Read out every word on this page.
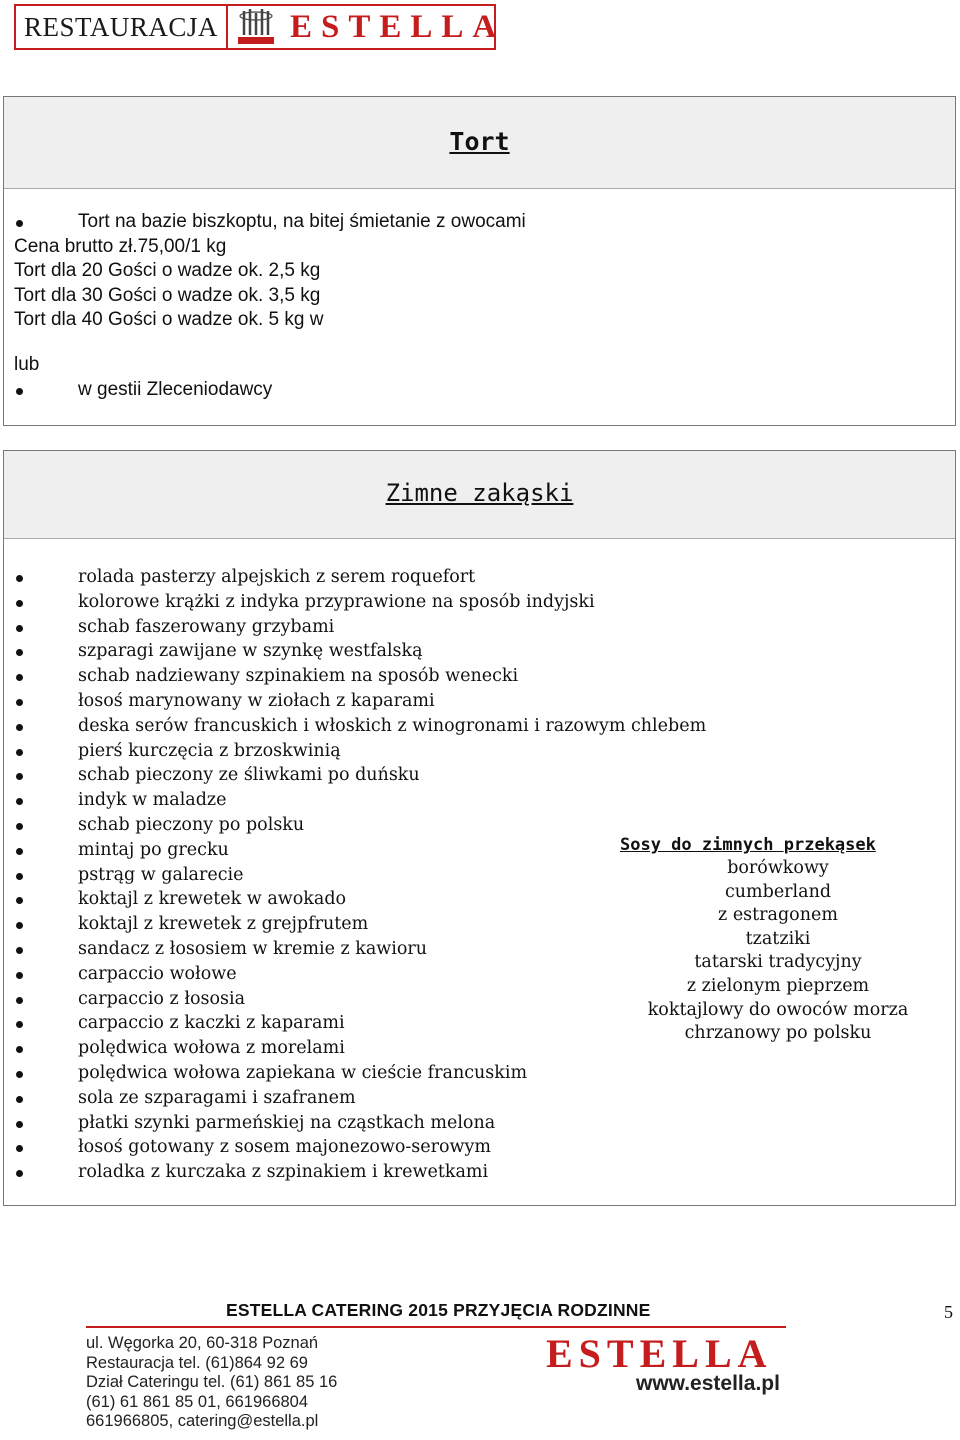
RESTAURACJA	ESTELLA
Tort
Tort na bazie biszkoptu, na bitej śmietanie z owocami
Cena brutto zł.75,00/1 kg
Tort dla 20 Gości o wadze ok. 2,5 kg
Tort dla 30 Gości o wadze ok. 3,5 kg
Tort dla 40 Gości o wadze ok. 5 kg w
lub
w gestii Zleceniodawcy
Zimne zakąski
rolada pasterzy alpejskich z serem roquefort
kolorowe krążki z indyka przyprawione na sposób indyjski
schab faszerowany grzybami
szparagi zawijane w szynkę westfalską
schab nadziewany szpinakiem na sposób wenecki
łosoś marynowany w ziołach z kaparami
deska serów francuskich i włoskich z winogronami i razowym chlebem
pierś kurczęcia z brzoskwinią
schab pieczony ze śliwkami po duńsku
indyk w maladze
schab pieczony po polsku
mintaj po grecku
pstrąg w galarecie
koktajl z krewetek w awokado
koktajl z krewetek z grejpfrutem
sandacz z łososiem w kremie z kawioru
carpaccio wołowe
carpaccio z łososia
carpaccio z kaczki z kaparami
polędwica wołowa z morelami
polędwica wołowa zapiekana w cieście francuskim
sola ze szparagami i szafranem
płatki szynki parmeńskiej na cząstkach melona
łosoś gotowany z sosem majonezowo-serowym
roladka z kurczaka z szpinakiem i krewetkami
Sosy do zimnych przekąsek
borówkowy
cumberland
z estragonem
tzatziki
tatarski tradycyjny
z zielonym pieprzem
koktajlowy do owoców morza
chrzanowy po polsku
ESTELLA CATERING 2015 PRZYJĘCIA RODZINNE	5
ul. Węgorka 20, 60-318 Poznań
Restauracja tel. (61)864 92 69
Dział Cateringu tel. (61) 861 85 16
(61) 61 861 85 01, 661966804
661966805, catering@estella.pl
ESTELLA
www.estella.pl
